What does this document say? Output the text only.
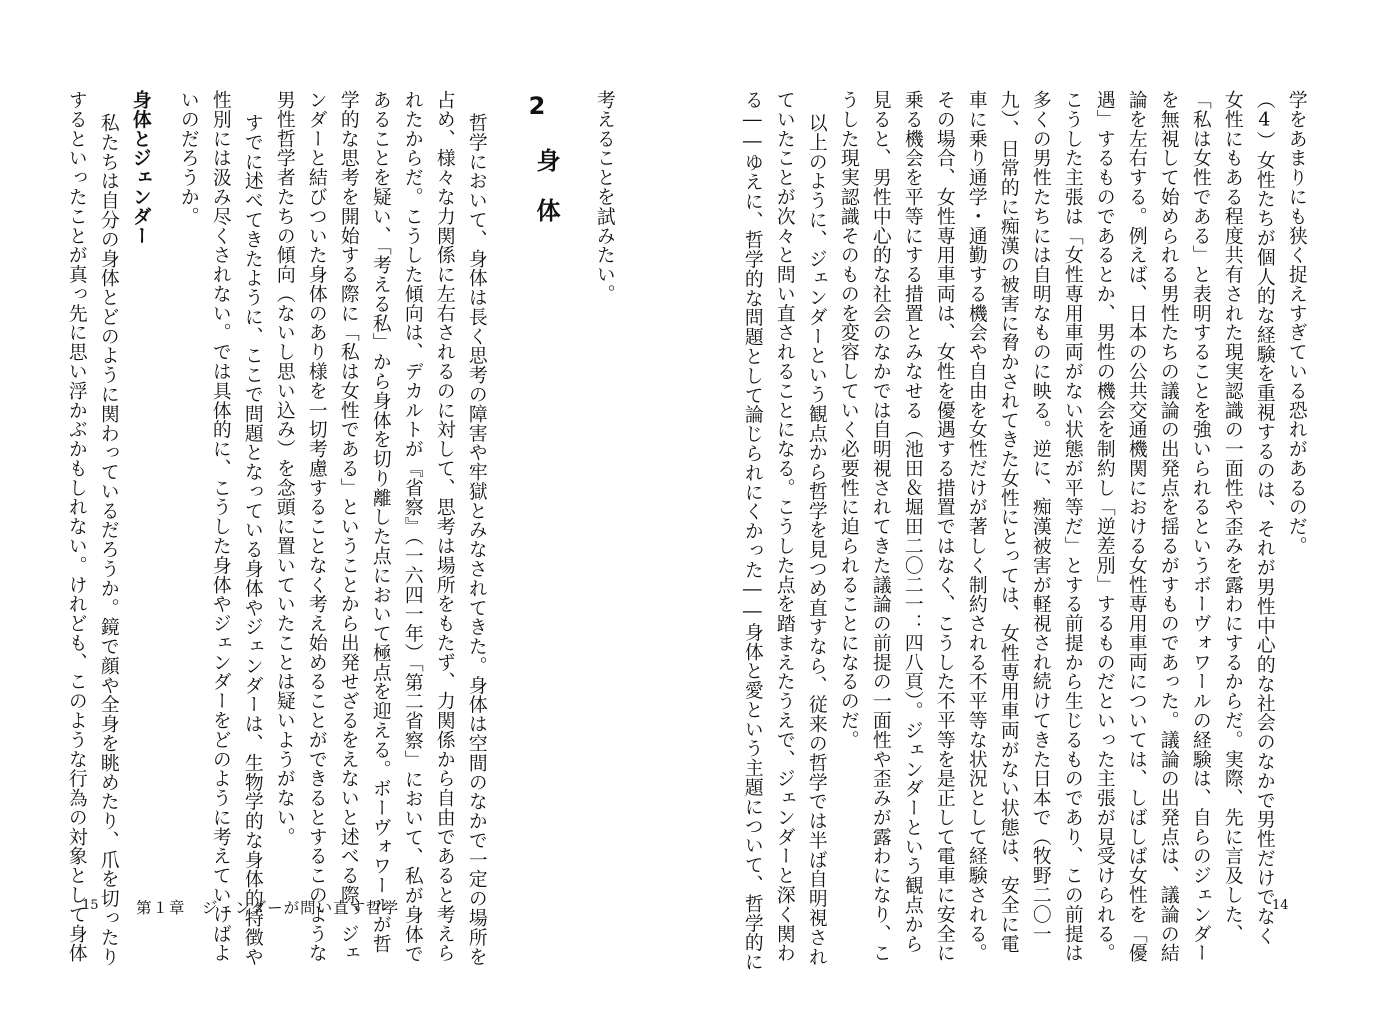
学をあまりにも狭く捉えすぎている恐れがあるのだ。
（4）女性たちが個人的な経験を重視するのは、それが男性中心的な社会のなかで男性だけでなく
女性にもある程度共有された現実認識の一面性や歪みを露わにするからだ。実際、先に言及した、
「私は女性である」と表明することを強いられるというボーヴォワールの経験は、自らのジェンダー
を無視して始められる男性たちの議論の出発点を揺るがすものであった。議論の出発点は、議論の結
論を左右する。例えば、日本の公共交通機関における女性専用車両については、しばしば女性を「優
遇」するものであるとか、男性の機会を制約し「逆差別」するものだといった主張が見受けられる。
こうした主張は「女性専用車両がない状態が平等だ」とする前提から生じるものであり、この前提は
多くの男性たちには自明なものに映る。逆に、痴漢被害が軽視され続けてきた日本で（牧野二〇一
九）、日常的に痴漢の被害に脅かされてきた女性にとっては、女性専用車両がない状態は、安全に電
車に乗り通学・通勤する機会や自由を女性だけが著しく制約される不平等な状況として経験される。
その場合、女性専用車両は、女性を優遇する措置ではなく、こうした不平等を是正して電車に安全に
乗る機会を平等にする措置とみなせる（池田＆堀田二〇二一：四八頁）。ジェンダーという観点から
見ると、男性中心的な社会のなかでは自明視されてきた議論の前提の一面性や歪みが露わになり、こ
うした現実認識そのものを変容していく必要性に迫られることになるのだ。
以上のように、ジェンダーという観点から哲学を見つめ直すなら、従来の哲学では半ば自明視され
ていたことが次々と問い直されることになる。こうした点を踏まえたうえで、ジェンダーと深く関わ
る――ゆえに、哲学的な問題として論じられにくかった――身体と愛という主題について、哲学的に	14
考えることを試みたい。
2
身体
哲学において、身体は長く思考の障害や牢獄とみなされてきた。身体は空間のなかで一定の場所を
占め、様々な力関係に左右されるのに対して、思考は場所をもたず、力関係から自由であると考えら
れたからだ。こうした傾向は、デカルトが『省察』（一六四一年）「第二省察」において、私が身体で
あることを疑い、「考える私」から身体を切り離した点において極点を迎える。ボーヴォワールが哲
学的な思考を開始する際に「私は女性である」ということから出発せざるをえないと述べる際、ジェ
ンダーと結びついた身体のあり様を一切考慮することなく考え始めることができるとするこのような
男性哲学者たちの傾向（ないし思い込み）を念頭に置いていたことは疑いようがない。
すでに述べてきたように、ここで問題となっている身体やジェンダーは、生物学的な身体的特徴や
性別には汲み尽くされない。では具体的に、こうした身体やジェンダーをどのように考えていけばよ
いのだろうか。
身体とジェンダー
私たちは自分の身体とどのように関わっているだろうか。鏡で顔や全身を眺めたり、爪を切ったり
するといったことが真っ先に思い浮かぶかもしれない。けれども、このような行為の対象として身体
15 第１章　ジェンダーが問い直す哲学
